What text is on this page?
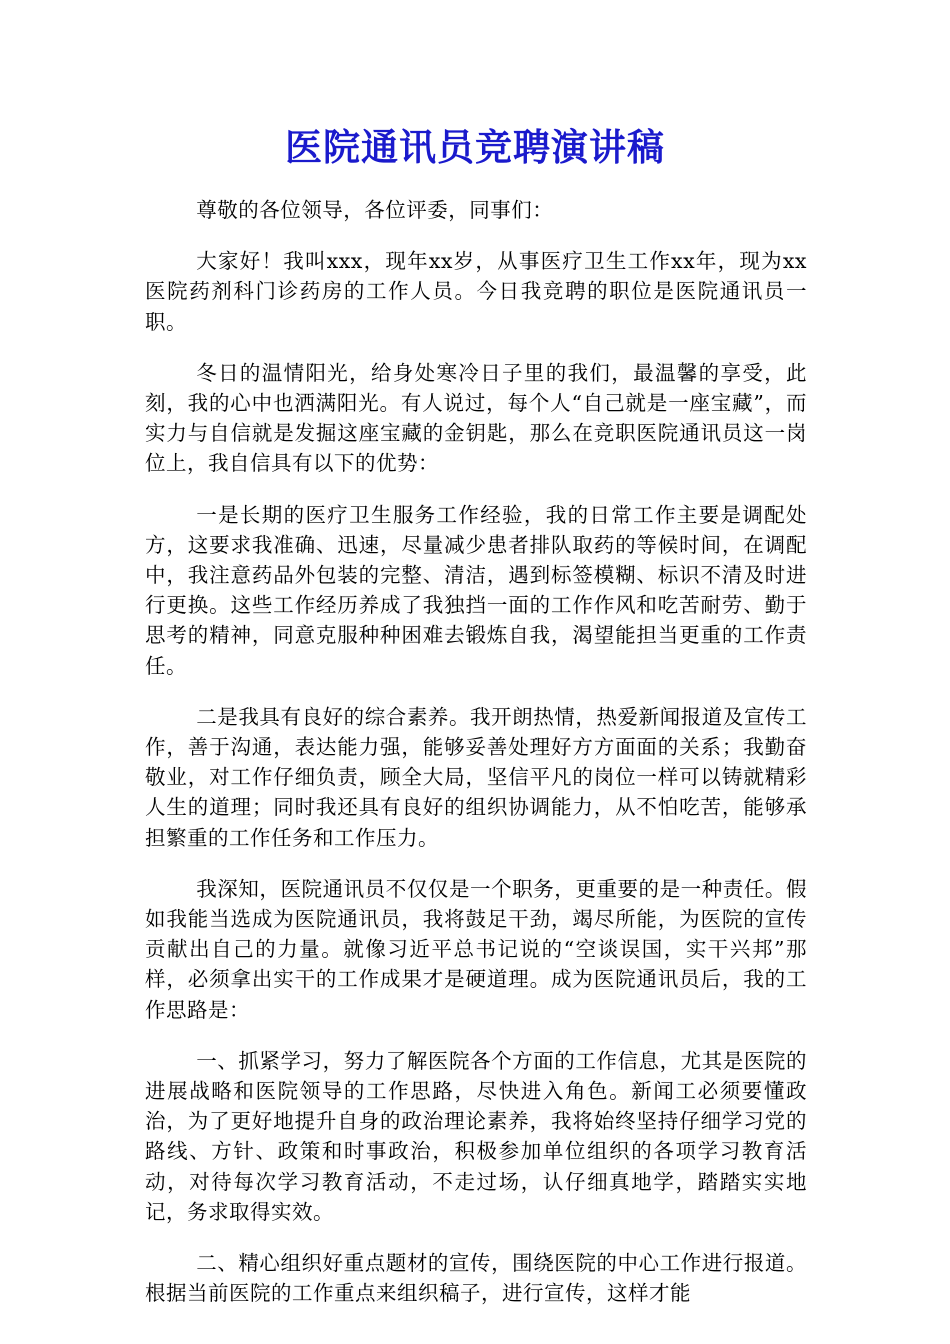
医院通讯员竞聘演讲稿

尊敬的各位领导，各位评委，同事们：

大家好！我叫xxx，现年xx岁，从事医疗卫生工作xx年，现为xx医院药剂科门诊药房的工作人员。今日我竞聘的职位是医院通讯员一职。

冬日的温情阳光，给身处寒冷日子里的我们，最温馨的享受，此刻，我的心中也洒满阳光。有人说过，每个人“自己就是一座宝藏”，而实力与自信就是发掘这座宝藏的金钥匙，那么在竞职医院通讯员这一岗位上，我自信具有以下的优势：

一是长期的医疗卫生服务工作经验，我的日常工作主要是调配处方，这要求我准确、迅速，尽量减少患者排队取药的等候时间，在调配中，我注意药品外包装的完整、清洁，遇到标签模糊、标识不清及时进行更换。这些工作经历养成了我独挡一面的工作作风和吃苦耐劳、勤于思考的精神，同意克服种种困难去锻炼自我，渴望能担当更重的工作责任。

二是我具有良好的综合素养。我开朗热情，热爱新闻报道及宣传工作，善于沟通，表达能力强，能够妥善处理好方方面面的关系；我勤奋敬业，对工作仔细负责，顾全大局，坚信平凡的岗位一样可以铸就精彩人生的道理；同时我还具有良好的组织协调能力，从不怕吃苦，能够承担繁重的工作任务和工作压力。

我深知，医院通讯员不仅仅是一个职务，更重要的是一种责任。假如我能当选成为医院通讯员，我将鼓足干劲，竭尽所能，为医院的宣传贡献出自己的力量。就像习近平总书记说的“空谈误国，实干兴邦”那样，必须拿出实干的工作成果才是硬道理。成为医院通讯员后，我的工作思路是：

一、抓紧学习，努力了解医院各个方面的工作信息，尤其是医院的进展战略和医院领导的工作思路，尽快进入角色。新闻工必须要懂政治，为了更好地提升自身的政治理论素养，我将始终坚持仔细学习党的路线、方针、政策和时事政治，积极参加单位组织的各项学习教育活动，对待每次学习教育活动，不走过场，认仔细真地学，踏踏实实地记，务求取得实效。

二、精心组织好重点题材的宣传，围绕医院的中心工作进行报道。根据当前医院的工作重点来组织稿子，进行宣传，这样才能
